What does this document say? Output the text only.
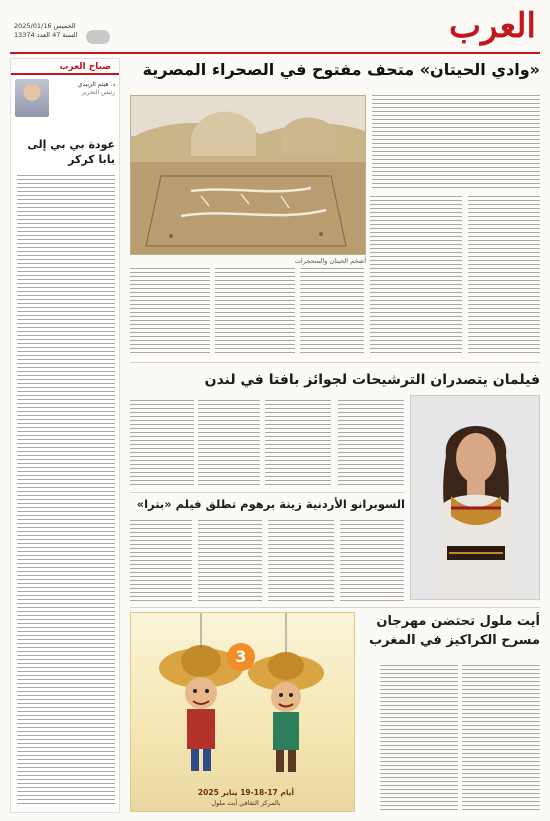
العرب
الخميس 2025/01/16
السنة 47 العدد 13374
صباح العرب
د. هيثم الزبيدي
رئيس التحرير
عودة بي بي إلى بابا كركر
«وادي الحيتان» متحف مفتوح في الصحراء المصرية
أضخم الحيتان والمتحجرات
فيلمان يتصدران الترشيحات لجوائز بافتا في لندن
السوبرانو الأردنية زينة برهوم تطلق فيلم «بترا»
أيت ملول تحتضن مهرجان مسرح الكراكيز في المغرب
3
أيام 17-18-19 يناير 2025
بالمركز الثقافي أيت ملول
